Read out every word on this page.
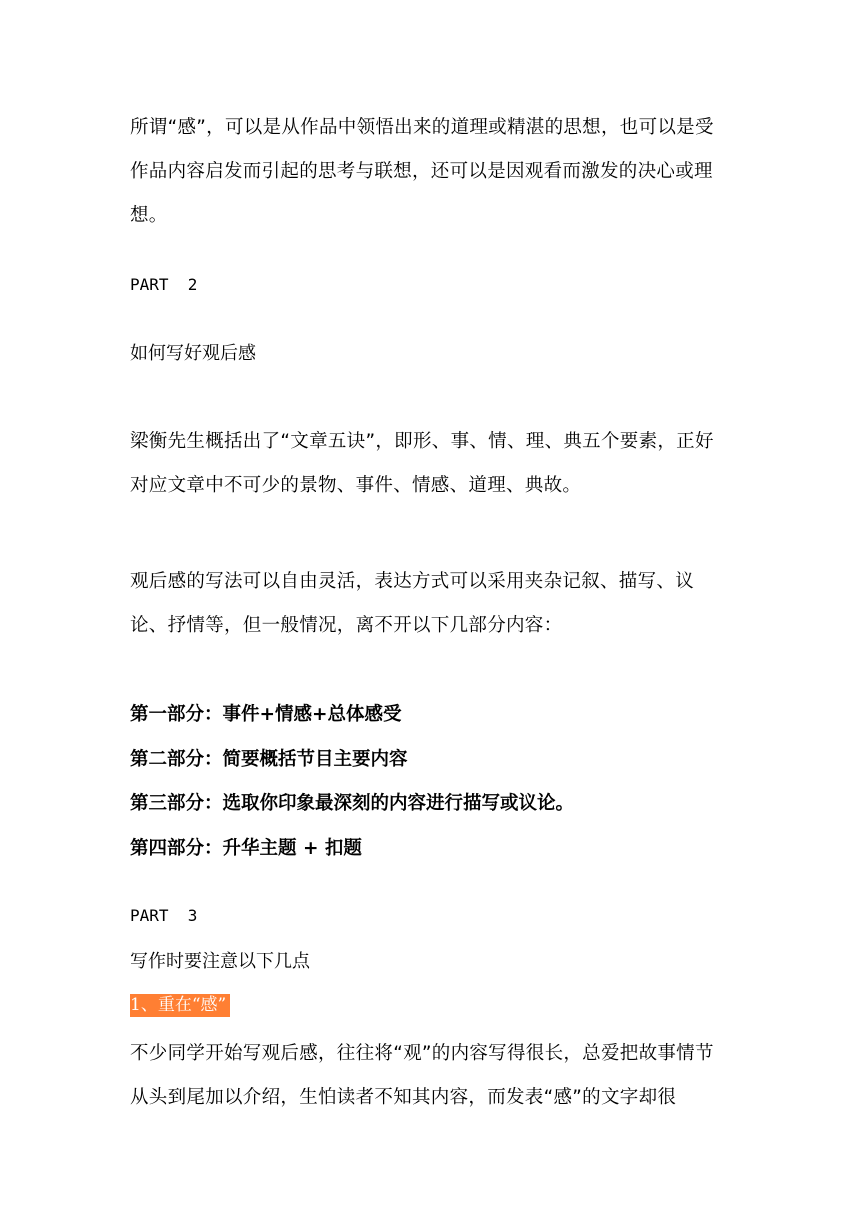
所谓“感”，可以是从作品中领悟出来的道理或精湛的思想，也可以是受作品内容启发而引起的思考与联想，还可以是因观看而激发的决心或理想。

PART  2
如何写好观后感

梁衡先生概括出了“文章五诀”，即形、事、情、理、典五个要素，正好对应文章中不可少的景物、事件、情感、道理、典故。

观后感的写法可以自由灵活，表达方式可以采用夹杂记叙、描写、议论、抒情等，但一般情况，离不开以下几部分内容：

第一部分：事件+情感+总体感受
第二部分：简要概括节目主要内容
第三部分：选取你印象最深刻的内容进行描写或议论。
第四部分：升华主题 + 扣题
PART  3
写作时要注意以下几点
1、重在“感”

不少同学开始写观后感，往往将“观”的内容写得很长，总爱把故事情节从头到尾加以介绍，生怕读者不知其内容，而发表“感”的文字却很
